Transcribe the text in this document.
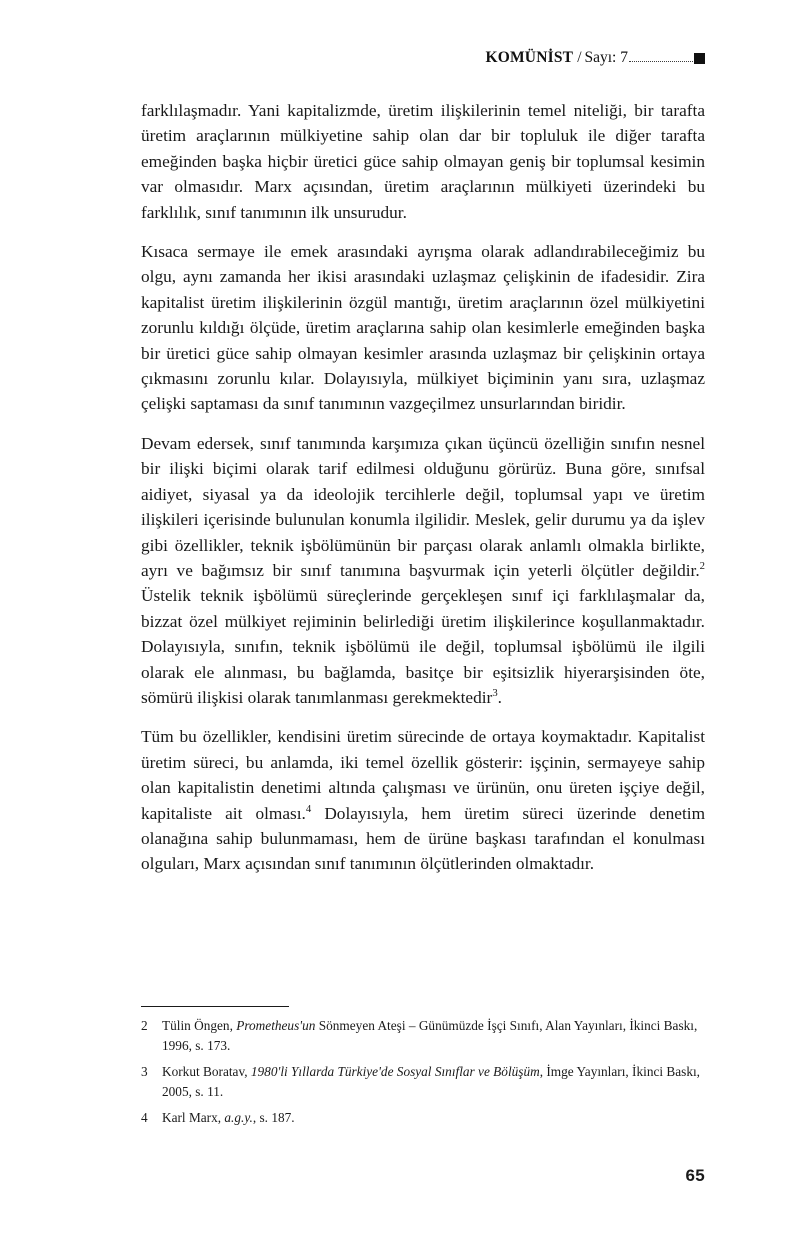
KOMÜNİST / Sayı: 7

farklılaşmadır. Yani kapitalizmde, üretim ilişkilerinin temel niteliği, bir tarafta üretim araçlarının mülkiyetine sahip olan dar bir topluluk ile diğer tarafta emeğinden başka hiçbir üretici güce sahip olmayan geniş bir toplumsal kesimin var olmasıdır. Marx açısından, üretim araçlarının mülkiyeti üzerindeki bu farklılık, sınıf tanımının ilk unsurudur.

Kısaca sermaye ile emek arasındaki ayrışma olarak adlandırabileceğimiz bu olgu, aynı zamanda her ikisi arasındaki uzlaşmaz çelişkinin de ifadesidir. Zira kapitalist üretim ilişkilerinin özgül mantığı, üretim araçlarının özel mülkiyetini zorunlu kıldığı ölçüde, üretim araçlarına sahip olan kesimlerle emeğinden başka bir üretici güce sahip olmayan kesimler arasında uzlaşmaz bir çelişkinin ortaya çıkmasını zorunlu kılar. Dolayısıyla, mülkiyet biçiminin yanı sıra, uzlaşmaz çelişki saptaması da sınıf tanımının vazgeçilmez unsurlarından biridir.

Devam edersek, sınıf tanımında karşımıza çıkan üçüncü özelliğin sınıfın nesnel bir ilişki biçimi olarak tarif edilmesi olduğunu görürüz. Buna göre, sınıfsal aidiyet, siyasal ya da ideolojik tercihlerle değil, toplumsal yapı ve üretim ilişkileri içerisinde bulunulan konumla ilgilidir. Meslek, gelir durumu ya da işlev gibi özellikler, teknik işbölümünün bir parçası olarak anlamlı olmakla birlikte, ayrı ve bağımsız bir sınıf tanımına başvurmak için yeterli ölçütler değildir.$^2$ Üstelik teknik işbölümü süreçlerinde gerçekleşen sınıf içi farklılaşmalar da, bizzat özel mülkiyet rejiminin belirlediği üretim ilişkilerince koşullanmaktadır. Dolayısıyla, sınıfın, teknik işbölümü ile değil, toplumsal işbölümü ile ilgili olarak ele alınması, bu bağlamda, basitçe bir eşitsizlik hiyerarşisinden öte, sömürü ilişkisi olarak tanımlanması gerekmektedir$^3$.

Tüm bu özellikler, kendisini üretim sürecinde de ortaya koymaktadır. Kapitalist üretim süreci, bu anlamda, iki temel özellik gösterir: işçinin, sermayeye sahip olan kapitalistin denetimi altında çalışması ve ürünün, onu üreten işçiye değil, kapitaliste ait olması.$^4$ Dolayısıyla, hem üretim süreci üzerinde denetim olanağına sahip bulunmaması, hem de ürüne başkası tarafından el konulması olguları, Marx açısından sınıf tanımının ölçütlerinden olmaktadır.

2	Tülin Öngen, Prometheus'un Sönmeyen Ateşi – Günümüzde İşçi Sınıfı, Alan Yayınları, İkinci Baskı, 1996, s. 173.
3	Korkut Boratav, 1980'li Yıllarda Türkiye'de Sosyal Sınıflar ve Bölüşüm, İmge Yayınları, İkinci Baskı, 2005, s. 11.
4	Karl Marx, a.g.y., s. 187.
65
